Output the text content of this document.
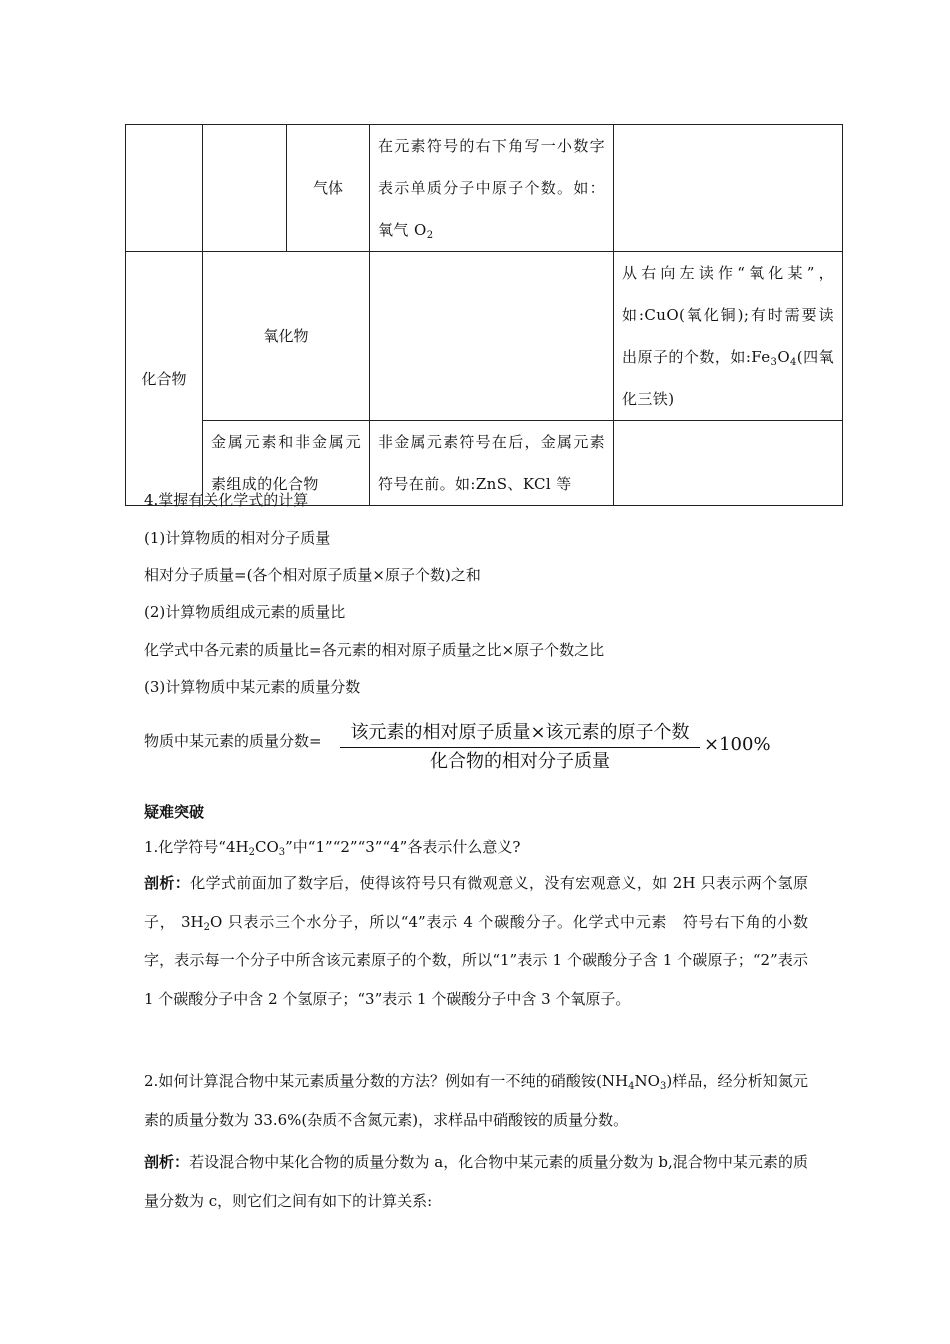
		气体	在元素符号的右下角写一小数字表示单质分子中原子个数。如：氧气 $O_2$	
化合物	氧化物			从右向左读作“氧化某”，如:CuO(氧化铜);有时需要读出原子的个数，如$:Fe_3O_4$(四氧化三铁)
	金属元素和非金属元素组成的化合物		非金属元素符号在后，金属元素符号在前。如:ZnS、KCl 等	
4.掌握有关化学式的计算
(1)计算物质的相对分子质量
相对分子质量=(各个相对原子质量×原子个数)之和
(2)计算物质组成元素的质量比
化学式中各元素的质量比=各元素的相对原子质量之比×原子个数之比
(3)计算物质中某元素的质量分数
物质中某元素的质量分数=	该元素的相对原子质量×该元素的原子个数
化合物的相对分子质量
×100%
疑难突破
1.化学符号“$4H_2CO_3$”中“1”“2”“3”“4”各表示什么意义?
剖析：化学式前面加了数字后，使得该符号只有微观意义，没有宏观意义，如 2H 只表示两个氢原子， $3H_2O$ 只表示三个水分子，所以“4”表示 4 个碳酸分子。化学式中元素　符号右下角的小数字，表示每一个分子中所含该元素原子的个数，所以“1”表示 1 个碳酸分子含 1 个碳原子；“2”表示 1 个碳酸分子中含 2 个氢原子；“3”表示 1 个碳酸分子中含 3 个氧原子。
2.如何计算混合物中某元素质量分数的方法？例如有一不纯的硝酸铵$(NH_4NO_3)$样品，经分析知氮元素的质量分数为 33.6%(杂质不含氮元素)，求样品中硝酸铵的质量分数。
剖析：若设混合物中某化合物的质量分数为 a，化合物中某元素的质量分数为 b,混合物中某元素的质量分数为 c，则它们之间有如下的计算关系:
